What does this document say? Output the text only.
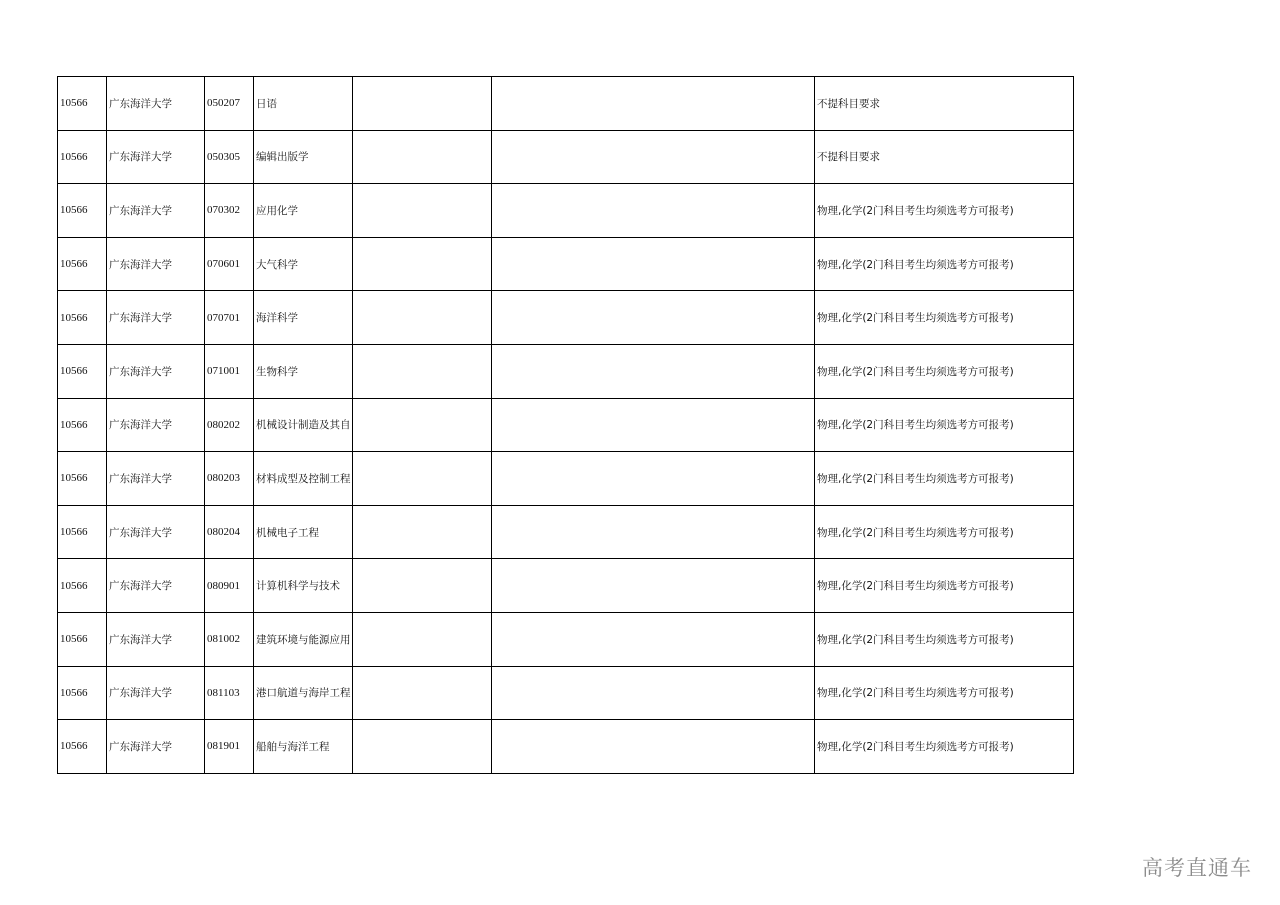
10566	广东海洋大学	050207	日语			不提科目要求
10566	广东海洋大学	050305	编辑出版学			不提科目要求
10566	广东海洋大学	070302	应用化学			物理,化学(2门科目考生均须选考方可报考)
10566	广东海洋大学	070601	大气科学			物理,化学(2门科目考生均须选考方可报考)
10566	广东海洋大学	070701	海洋科学			物理,化学(2门科目考生均须选考方可报考)
10566	广东海洋大学	071001	生物科学			物理,化学(2门科目考生均须选考方可报考)
10566	广东海洋大学	080202	机械设计制造及其自			物理,化学(2门科目考生均须选考方可报考)
10566	广东海洋大学	080203	材料成型及控制工程			物理,化学(2门科目考生均须选考方可报考)
10566	广东海洋大学	080204	机械电子工程			物理,化学(2门科目考生均须选考方可报考)
10566	广东海洋大学	080901	计算机科学与技术			物理,化学(2门科目考生均须选考方可报考)
10566	广东海洋大学	081002	建筑环境与能源应用			物理,化学(2门科目考生均须选考方可报考)
10566	广东海洋大学	081103	港口航道与海岸工程			物理,化学(2门科目考生均须选考方可报考)
10566	广东海洋大学	081901	船舶与海洋工程			物理,化学(2门科目考生均须选考方可报考)
高考直通车
